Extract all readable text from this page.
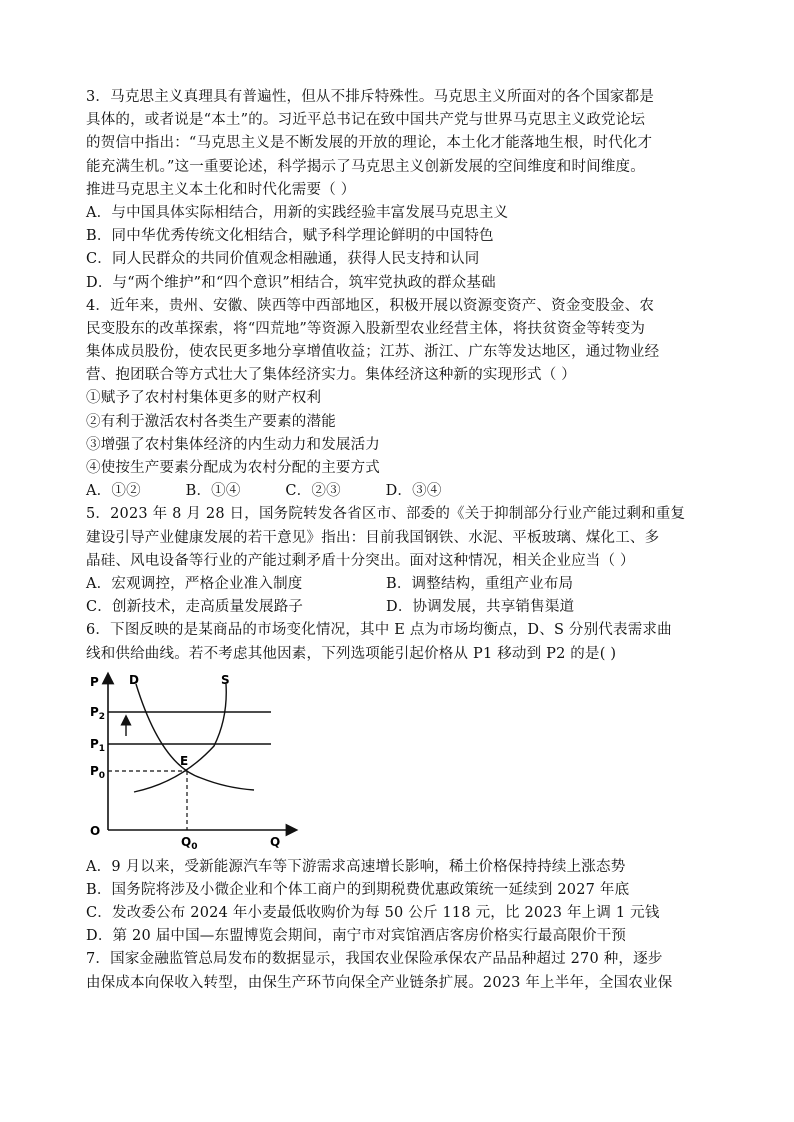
3．马克思主义真理具有普遍性，但从不排斥特殊性。马克思主义所面对的各个国家都是
具体的，或者说是“本土”的。习近平总书记在致中国共产党与世界马克思主义政党论坛
的贺信中指出：“马克思主义是不断发展的开放的理论，本土化才能落地生根，时代化才
能充满生机。”这一重要论述，科学揭示了马克思主义创新发展的空间维度和时间维度。
推进马克思主义本土化和时代化需要（ ）
A．与中国具体实际相结合，用新的实践经验丰富发展马克思主义
B．同中华优秀传统文化相结合，赋予科学理论鲜明的中国特色
C．同人民群众的共同价值观念相融通，获得人民支持和认同
D．与“两个维护”和“四个意识”相结合，筑牢党执政的群众基础
4．近年来，贵州、安徽、陕西等中西部地区，积极开展以资源变资产、资金变股金、农
民变股东的改革探索，将“四荒地”等资源入股新型农业经营主体，将扶贫资金等转变为
集体成员股份，使农民更多地分享增值收益；江苏、浙江、广东等发达地区，通过物业经
营、抱团联合等方式壮大了集体经济实力。集体经济这种新的实现形式（ ）
①赋予了农村村集体更多的财产权利
②有利于激活农村各类生产要素的潜能
③增强了农村集体经济的内生动力和发展活力
④使按生产要素分配成为农村分配的主要方式
A．①②	B．①④	C．②③	D．③④
5．2023 年 8 月 28 日，国务院转发各省区市、部委的《关于抑制部分行业产能过剩和重复
建设引导产业健康发展的若干意见》指出：目前我国钢铁、水泥、平板玻璃、煤化工、多
晶硅、风电设备等行业的产能过剩矛盾十分突出。面对这种情况，相关企业应当（ ）
A．宏观调控，严格企业准入制度	B．调整结构，重组产业布局
C．创新技术，走高质量发展路子	D．协调发展，共享销售渠道
6．下图反映的是某商品的市场变化情况，其中 E 点为市场均衡点，D、S 分别代表需求曲
线和供给曲线。若不考虑其他因素，下列选项能引起价格从 P1 移动到 P2 的是( )
P	D	S
$P_2$
$P_1$
$P_0$
E
O
$Q_0$	Q
A．9 月以来，受新能源汽车等下游需求高速增长影响，稀土价格保持持续上涨态势
B．国务院将涉及小微企业和个体工商户的到期税费优惠政策统一延续到 2027 年底
C．发改委公布 2024 年小麦最低收购价为每 50 公斤 118 元，比 2023 年上调 1 元钱
D．第 20 届中国—东盟博览会期间，南宁市对宾馆酒店客房价格实行最高限价干预
7．国家金融监管总局发布的数据显示，我国农业保险承保农产品品种超过 270 种，逐步
由保成本向保收入转型，由保生产环节向保全产业链条扩展。2023 年上半年，全国农业保
